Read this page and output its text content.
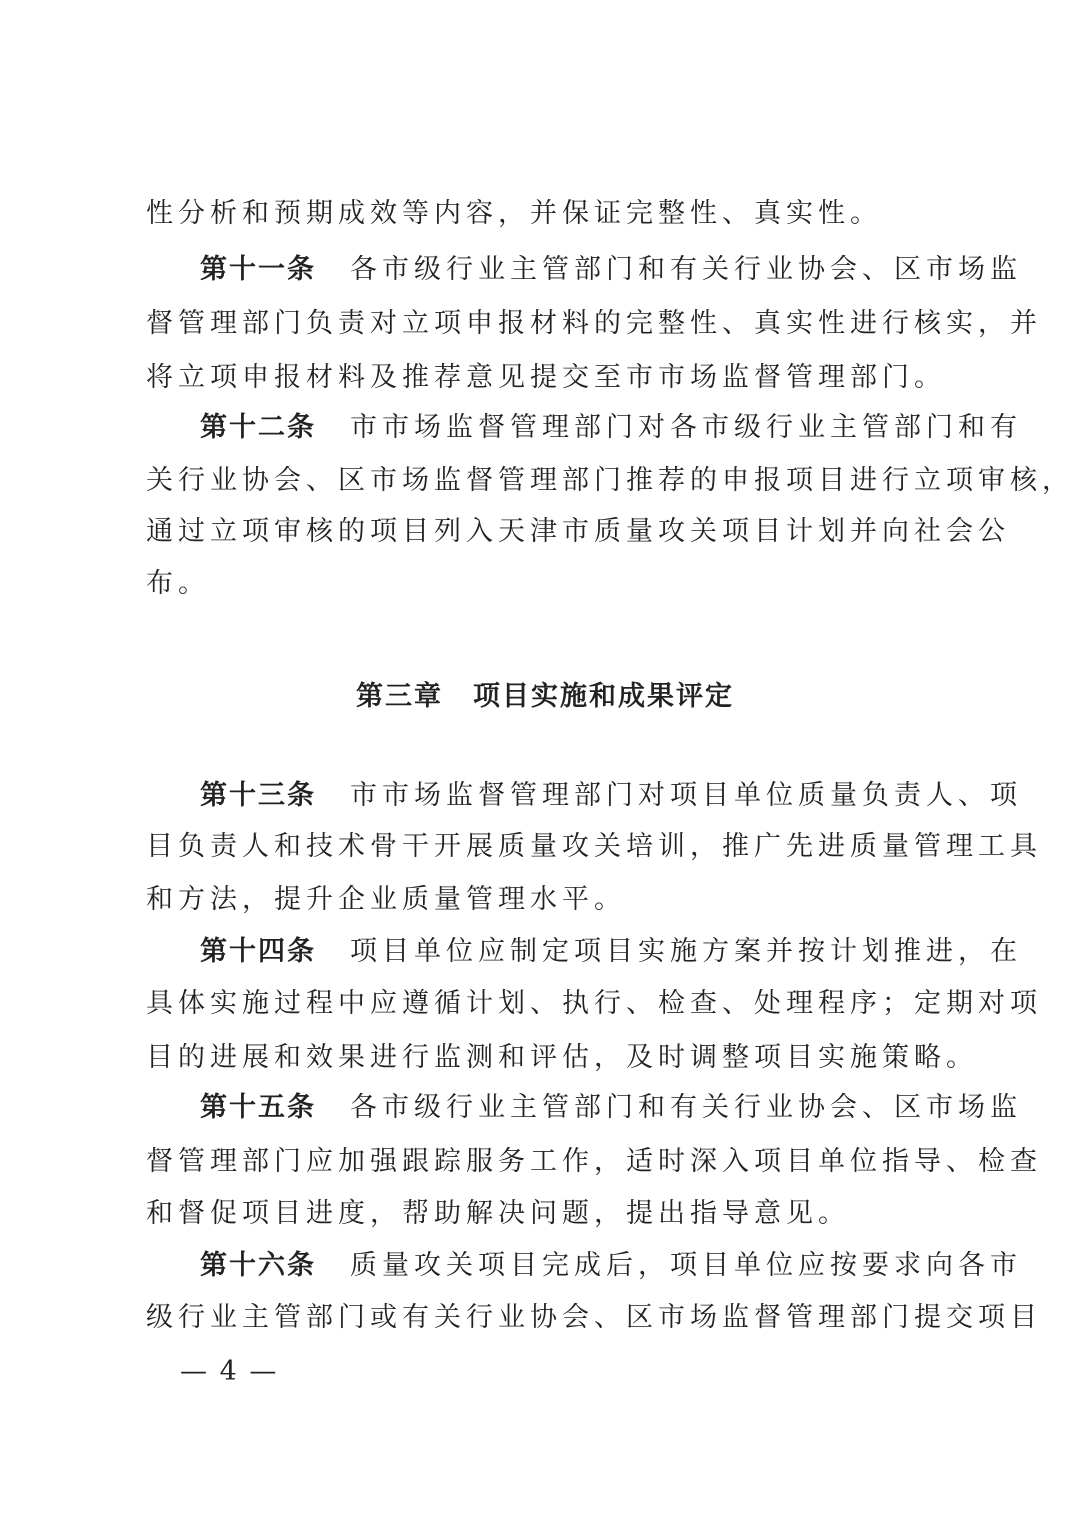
性分析和预期成效等内容，并保证完整性、真实性。
第十一条 各市级行业主管部门和有关行业协会、区市场监
督管理部门负责对立项申报材料的完整性、真实性进行核实，并
将立项申报材料及推荐意见提交至市市场监督管理部门。
第十二条 市市场监督管理部门对各市级行业主管部门和有
关行业协会、区市场监督管理部门推荐的申报项目进行立项审核，
通过立项审核的项目列入天津市质量攻关项目计划并向社会公
布。
第三章 项目实施和成果评定
第十三条 市市场监督管理部门对项目单位质量负责人、项
目负责人和技术骨干开展质量攻关培训，推广先进质量管理工具
和方法，提升企业质量管理水平。
第十四条 项目单位应制定项目实施方案并按计划推进，在
具体实施过程中应遵循计划、执行、检查、处理程序；定期对项
目的进展和效果进行监测和评估，及时调整项目实施策略。
第十五条 各市级行业主管部门和有关行业协会、区市场监
督管理部门应加强跟踪服务工作，适时深入项目单位指导、检查
和督促项目进度，帮助解决问题，提出指导意见。
第十六条 质量攻关项目完成后，项目单位应按要求向各市
级行业主管部门或有关行业协会、区市场监督管理部门提交项目
— 4 —
